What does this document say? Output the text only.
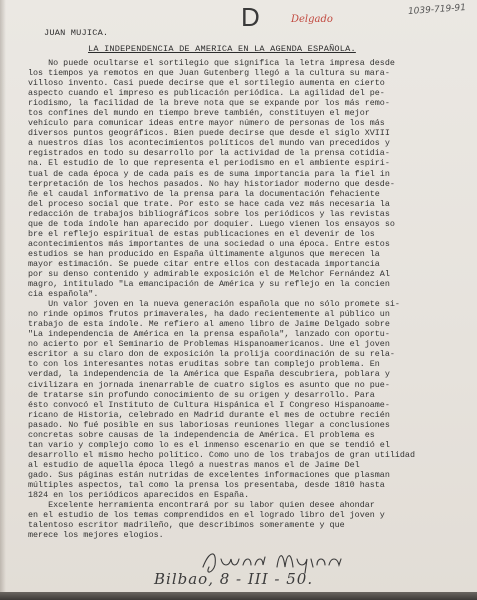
D	Delgado
1039-719-91
JUAN MUJICA.
LA INDEPENDENCIA DE AMERICA EN LA AGENDA ESPAÑOLA.
No puede ocultarse el sortilegio que significa la letra impresa desde
los tiempos ya remotos en que Juan Gutenberg llegó a la cultura su mara-
villoso invento. Casi puede decirse que el sortilegio aumenta en cierto
aspecto cuando el impreso es publicación periódica. La agilidad del pe-
riodismo, la facilidad de la breve nota que se expande por los más remo-
tos confines del mundo en tiempo breve también, constituyen el mejor
vehículo para comunicar ideas entre mayor número de personas de los más
diversos puntos geográficos. Bien puede decirse que desde el siglo XVIII
a nuestros días los acontecimientos políticos del mundo van precedidos y
registrados en todo su desarrollo por la actividad de la prensa cotidia-
na. El estudio de lo que representa el periodismo en el ambiente espiri-
tual de cada época y de cada país es de suma importancia para la fiel in
terpretación de los hechos pasados. No hay historiador moderno que desde-
ñe el caudal informativo de la prensa para la documentación fehaciente
del proceso social que trate. Por esto se hace cada vez más necesaria la
redacción de trabajos bibliográficos sobre los periódicos y las revistas
que de toda índole han aparecido por doquier. Luego vienen los ensayos so
bre el reflejo espiritual de estas publicaciones en el devenir de los
acontecimientos más importantes de una sociedad o una época. Entre estos
estudios se han producido en España últimamente algunos que merecen la
mayor estimación. Se puede citar entre ellos con destacada importancia
por su denso contenido y admirable exposición el de Melchor Fernández Al
magro, intitulado "La emancipación de América y su reflejo en la concien
cia española".
Un valor joven en la nueva generación española que no sólo promete si-
no rinde opimos frutos primaverales, ha dado recientemente al público un
trabajo de esta índole. Me refiero al ameno libro de Jaime Delgado sobre
"La independencia de América en la prensa española", lanzado con oportu-
no acierto por el Seminario de Problemas Hispanoamericanos. Une el joven
escritor a su claro don de exposición la prolija coordinación de su rela-
to con los interesantes notas eruditas sobre tan complejo problema. En
verdad, la independencia de la América que España descubriera, poblara y
civilizara en jornada inenarrable de cuatro siglos es asunto que no pue-
de tratarse sin profundo conocimiento de su origen y desarrollo. Para
ésto convocó el Instituto de Cultura Hispánica el I Congreso Hispanoame-
ricano de Historia, celebrado en Madrid durante el mes de octubre recién
pasado. No fué posible en sus laboriosas reuniones llegar a conclusiones
concretas sobre causas de la independencia de América. El problema es
tan vario y complejo como lo es el inmenso escenario en que se tendió el
desarrollo el mismo hecho político. Como uno de los trabajos de gran utilidad
al estudio de aquella época llegó a nuestras manos el de Jaime Del
gado. Sus páginas están nutridas de excelentes informaciones que plasman
múltiples aspectos, tal como la prensa los presentaba, desde 1810 hasta
1824 en los periódicos aparecidos en España.
Excelente herramienta encontrará por su labor quien desee ahondar
en el estudio de los temas comprendidos en el logrado libro del joven y
talentoso escritor madrileño, que describimos someramente y que
merece los mejores elogios.
Bilbao, 8 - III - 50.
